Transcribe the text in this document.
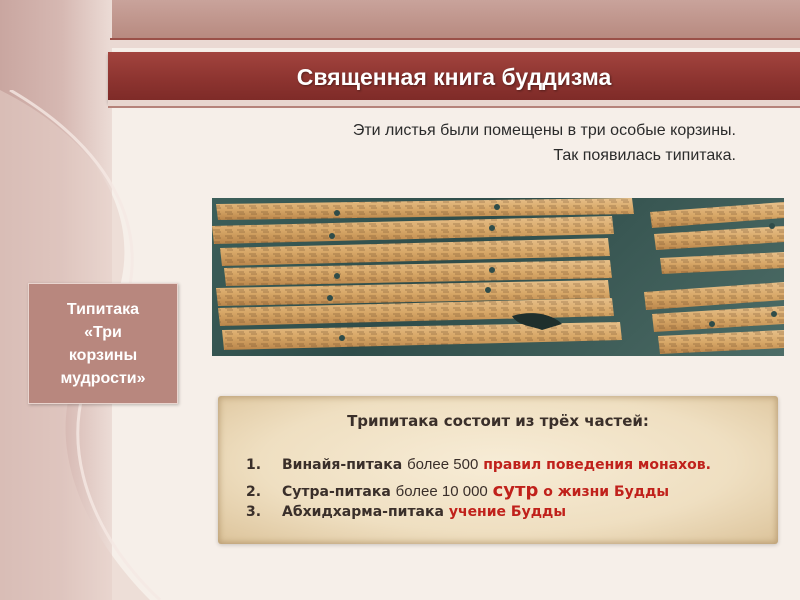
Священная книга буддизма
Эти листья были помещены в три особые корзины.
Так появилась типитака.
Типитака
«Три
корзины
мудрости»
Трипитака состоит из трёх частей:
1. Винайя-питака более 500 правил поведения монахов.
2. Сутра-питака более 10 000 сутр о жизни Будды
3. Абхидхарма-питака учение Будды
